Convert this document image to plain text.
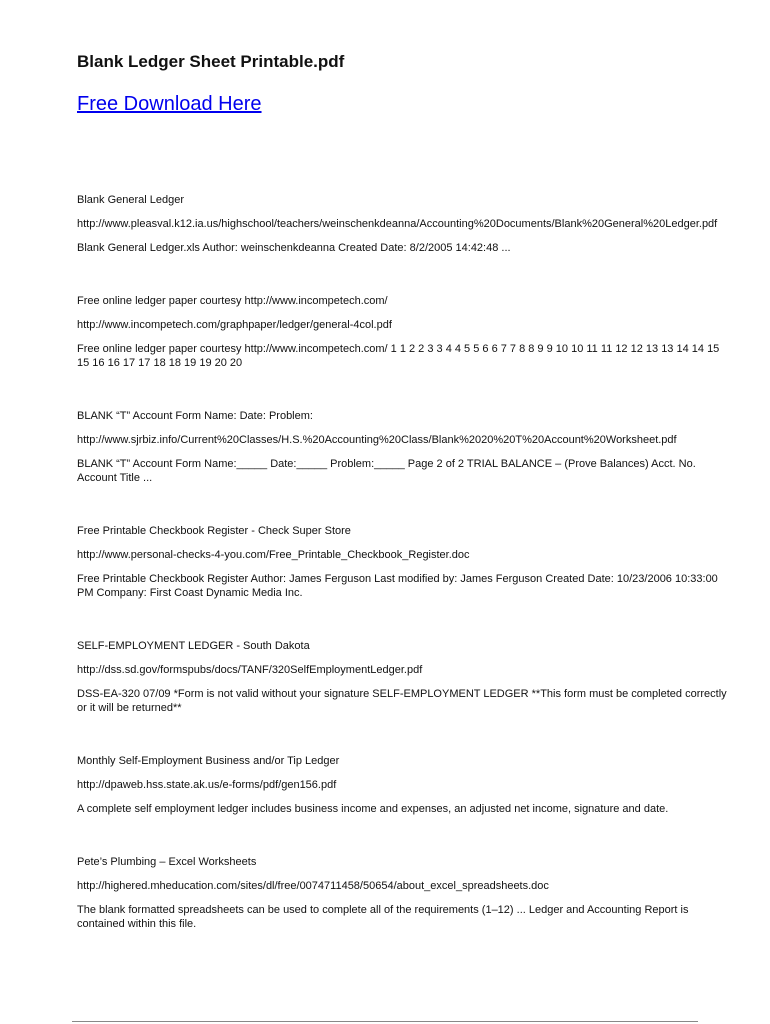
Blank Ledger Sheet Printable.pdf
Free Download Here

Blank General Ledger

http://www.pleasval.k12.ia.us/highschool/teachers/weinschenkdeanna/Accounting%20Documents/Blank%20General%20Ledger.pdf

Blank General Ledger.xls Author: weinschenkdeanna Created Date: 8/2/2005 14:42:48 ...

Free online ledger paper courtesy http://www.incompetech.com/

http://www.incompetech.com/graphpaper/ledger/general-4col.pdf

Free online ledger paper courtesy http://www.incompetech.com/ 1 1 2 2 3 3 4 4 5 5 6 6 7 7 8 8 9 9 10 10 11 11 12 12 13 13 14 14 15 15 16 16 17 17 18 18 19 19 20 20

BLANK “T” Account Form Name: Date: Problem:

http://www.sjrbiz.info/Current%20Classes/H.S.%20Accounting%20Class/Blank%2020%20T%20Account%20Worksheet.pdf

BLANK “T” Account Form Name:_____ Date:_____ Problem:_____ Page 2 of 2 TRIAL BALANCE – (Prove Balances) Acct. No. Account Title ...

Free Printable Checkbook Register - Check Super Store

http://www.personal-checks-4-you.com/Free_Printable_Checkbook_Register.doc

Free Printable Checkbook Register Author: James Ferguson Last modified by: James Ferguson Created Date: 10/23/2006 10:33:00 PM Company: First Coast Dynamic Media Inc.

SELF-EMPLOYMENT LEDGER - South Dakota

http://dss.sd.gov/formspubs/docs/TANF/320SelfEmploymentLedger.pdf

DSS-EA-320 07/09 *Form is not valid without your signature SELF-EMPLOYMENT LEDGER **This form must be completed correctly or it will be returned**

Monthly Self-Employment Business and/or Tip Ledger

http://dpaweb.hss.state.ak.us/e-forms/pdf/gen156.pdf

A complete self employment ledger includes business income and expenses, an adjusted net income, signature and date.

Pete’s Plumbing – Excel Worksheets

http://highered.mheducation.com/sites/dl/free/0074711458/50654/about_excel_spreadsheets.doc

The blank formatted spreadsheets can be used to complete all of the requirements (1–12) ... Ledger and Accounting Report is contained within this file.
